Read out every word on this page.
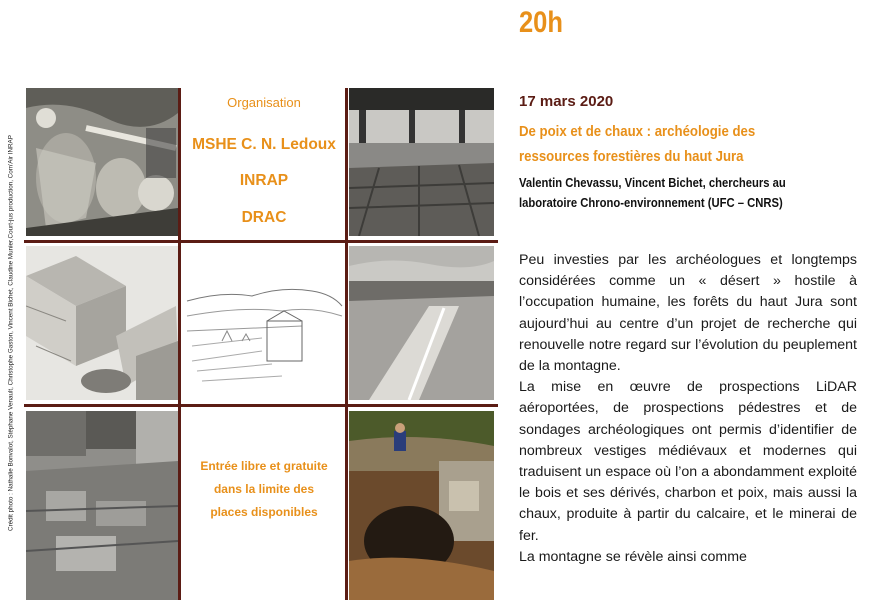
Crédit photo : Nathalie Bonvalot, Stéphane Venault, Christophe Gaston, Vincent Bichet, Claudine Munier,Court-jus production, Com'Air INRAP
Organisation
MSHE C. N. Ledoux
INRAP
DRAC
Entrée libre et gratuite
dans la limite des
places disponibles
20h
17 mars 2020
De poix et de chaux : archéologie des ressources forestières du haut Jura
Valentin Chevassu, Vincent Bichet, chercheurs au laboratoire Chrono-environnement (UFC – CNRS)

Peu investies par les archéologues et longtemps considérées comme un « désert » hostile à l’occupation humaine, les forêts du haut Jura sont aujourd’hui au centre d’un projet de recherche qui renouvelle notre regard sur l’évolution du peuplement de la montagne.

La mise en œuvre de prospections LiDAR aéroportées, de prospections pédestres et de sondages archéologiques ont permis d’identifier de nombreux vestiges médiévaux et modernes qui traduisent un espace où l’on a abondamment exploité le bois et ses dérivés, charbon et poix, mais aussi la chaux, produite à partir du calcaire, et le minerai de fer.

La montagne se révèle ainsi comme
